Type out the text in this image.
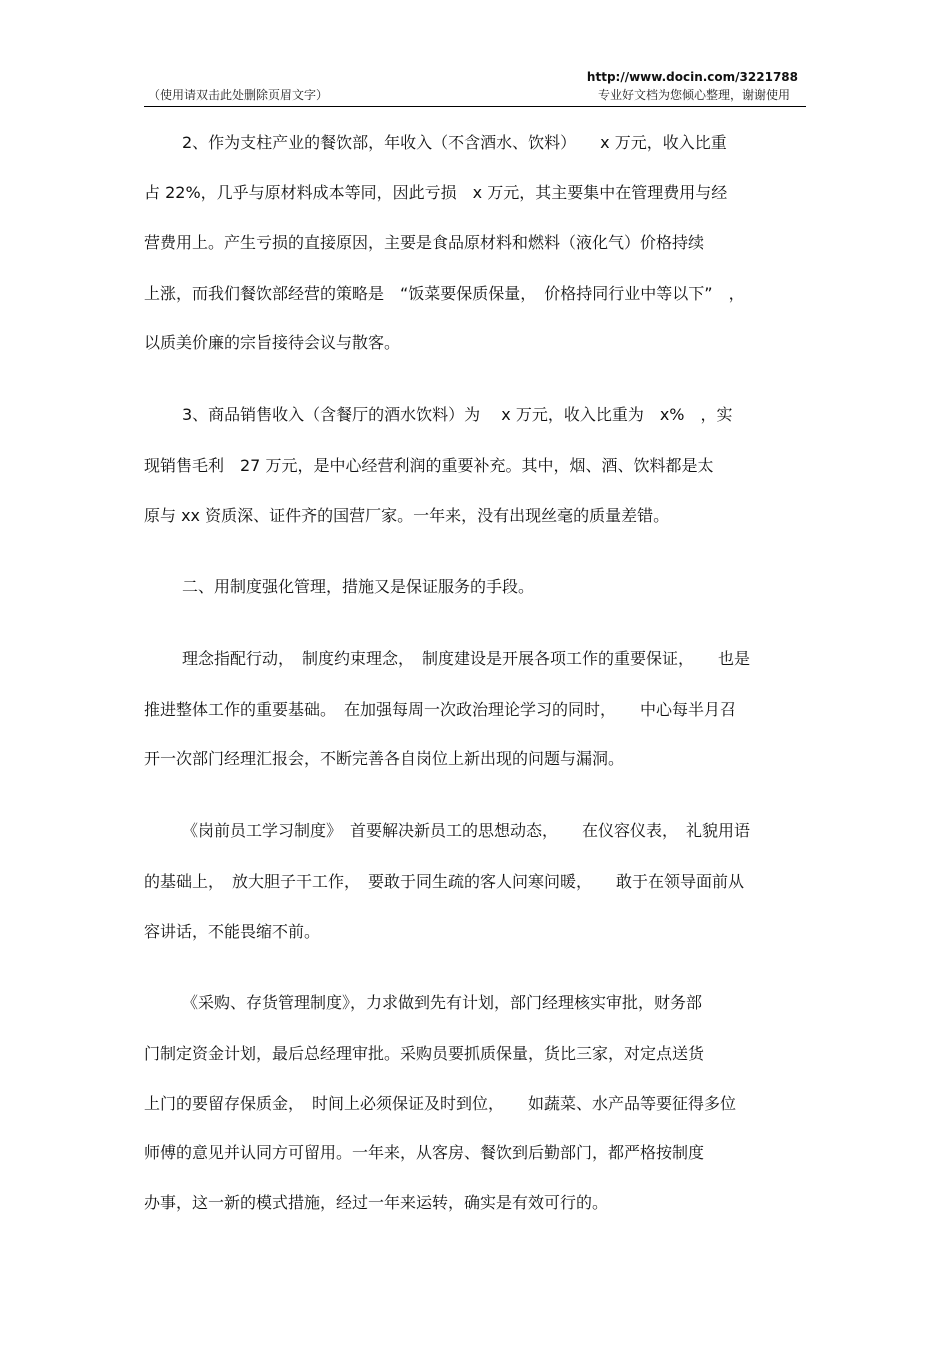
（使用请双击此处删除页眉文字）
http://www.docin.com/3221788
专业好文档为您倾心整理，谢谢使用
2、作为支柱产业的餐饮部，年收入（不含酒水、饮料）　　x 万元，收入比重
占 22%，几乎与原材料成本等同，因此亏损　x 万元，其主要集中在管理费用与经
营费用上。产生亏损的直接原因，主要是食品原材料和燃料（液化气）价格持续
上涨，而我们餐饮部经营的策略是　“饭菜要保质保量，　价格持同行业中等以下”　，
以质美价廉的宗旨接待会议与散客。
3、商品销售收入（含餐厅的酒水饮料）为　 x 万元，收入比重为　x%　，实
现销售毛利　27 万元，是中心经营利润的重要补充。其中，烟、酒、饮料都是太
原与 xx 资质深、证件齐的国营厂家。一年来，没有出现丝毫的质量差错。
二、用制度强化管理，措施又是保证服务的手段。
理念指配行动，　制度约束理念，　制度建设是开展各项工作的重要保证，　　也是
推进整体工作的重要基础。　在加强每周一次政治理论学习的同时，　　中心每半月召
开一次部门经理汇报会，不断完善各自岗位上新出现的问题与漏洞。
《岗前员工学习制度》　首要解决新员工的思想动态，　　在仪容仪表，　礼貌用语
的基础上，　放大胆子干工作，　要敢于同生疏的客人问寒问暖，　　敢于在领导面前从
容讲话，不能畏缩不前。
《采购、存货管理制度》，力求做到先有计划，部门经理核实审批，财务部
门制定资金计划，最后总经理审批。采购员要抓质保量，货比三家，对定点送货
上门的要留存保质金，　时间上必须保证及时到位，　　如蔬菜、水产品等要征得多位
师傅的意见并认同方可留用。一年来，从客房、餐饮到后勤部门，都严格按制度
办事，这一新的模式措施，经过一年来运转，确实是有效可行的。
